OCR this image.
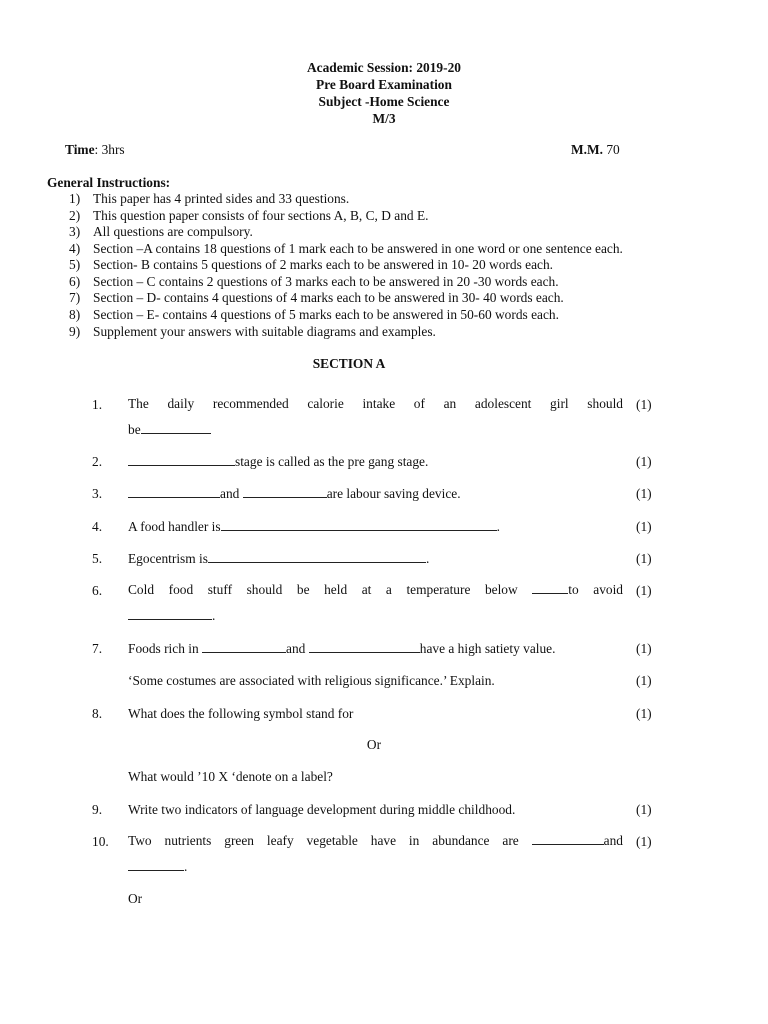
Academic Session: 2019-20
Pre Board Examination
Subject -Home Science
M/3
Time: 3hrs	M.M. 70
General Instructions:
1) This paper has 4 printed sides and 33 questions.
2) This question paper consists of four sections A, B, C, D and E.
3) All questions are compulsory.
4) Section –A contains 18 questions of 1 mark each to be answered in one word or one sentence each.
5) Section- B contains 5 questions of 2 marks each to be answered in 10- 20 words each.
6) Section – C contains 2 questions of 3 marks each to be answered in 20 -30 words each.
7) Section – D- contains 4 questions of 4 marks each to be answered in 30- 40 words each.
8) Section – E- contains 4 questions of 5 marks each to be answered in 50-60 words each.
9) Supplement your answers with suitable diagrams and examples.
SECTION A
1. The daily recommended calorie intake of an adolescent girl should
be
(1)
2.	stage is called as the pre gang stage.	(1)
3.	and	are labour saving device.	(1)
4. A food handler is	.	(1)
5. Egocentrism is	.	(1)
6. Cold food stuff should be held at a temperature below	to avoid
.
(1)
7. Foods rich in	and	have a high satiety value.	(1)
‘Some costumes are associated with religious significance.’ Explain.	(1)
8. What does the following symbol stand for	(1)
Or
What would ’10 X ‘denote on a label?
9. Write two indicators of language development during middle childhood.	(1)
10. Two nutrients green leafy vegetable have in abundance are	and
.
(1)
Or
